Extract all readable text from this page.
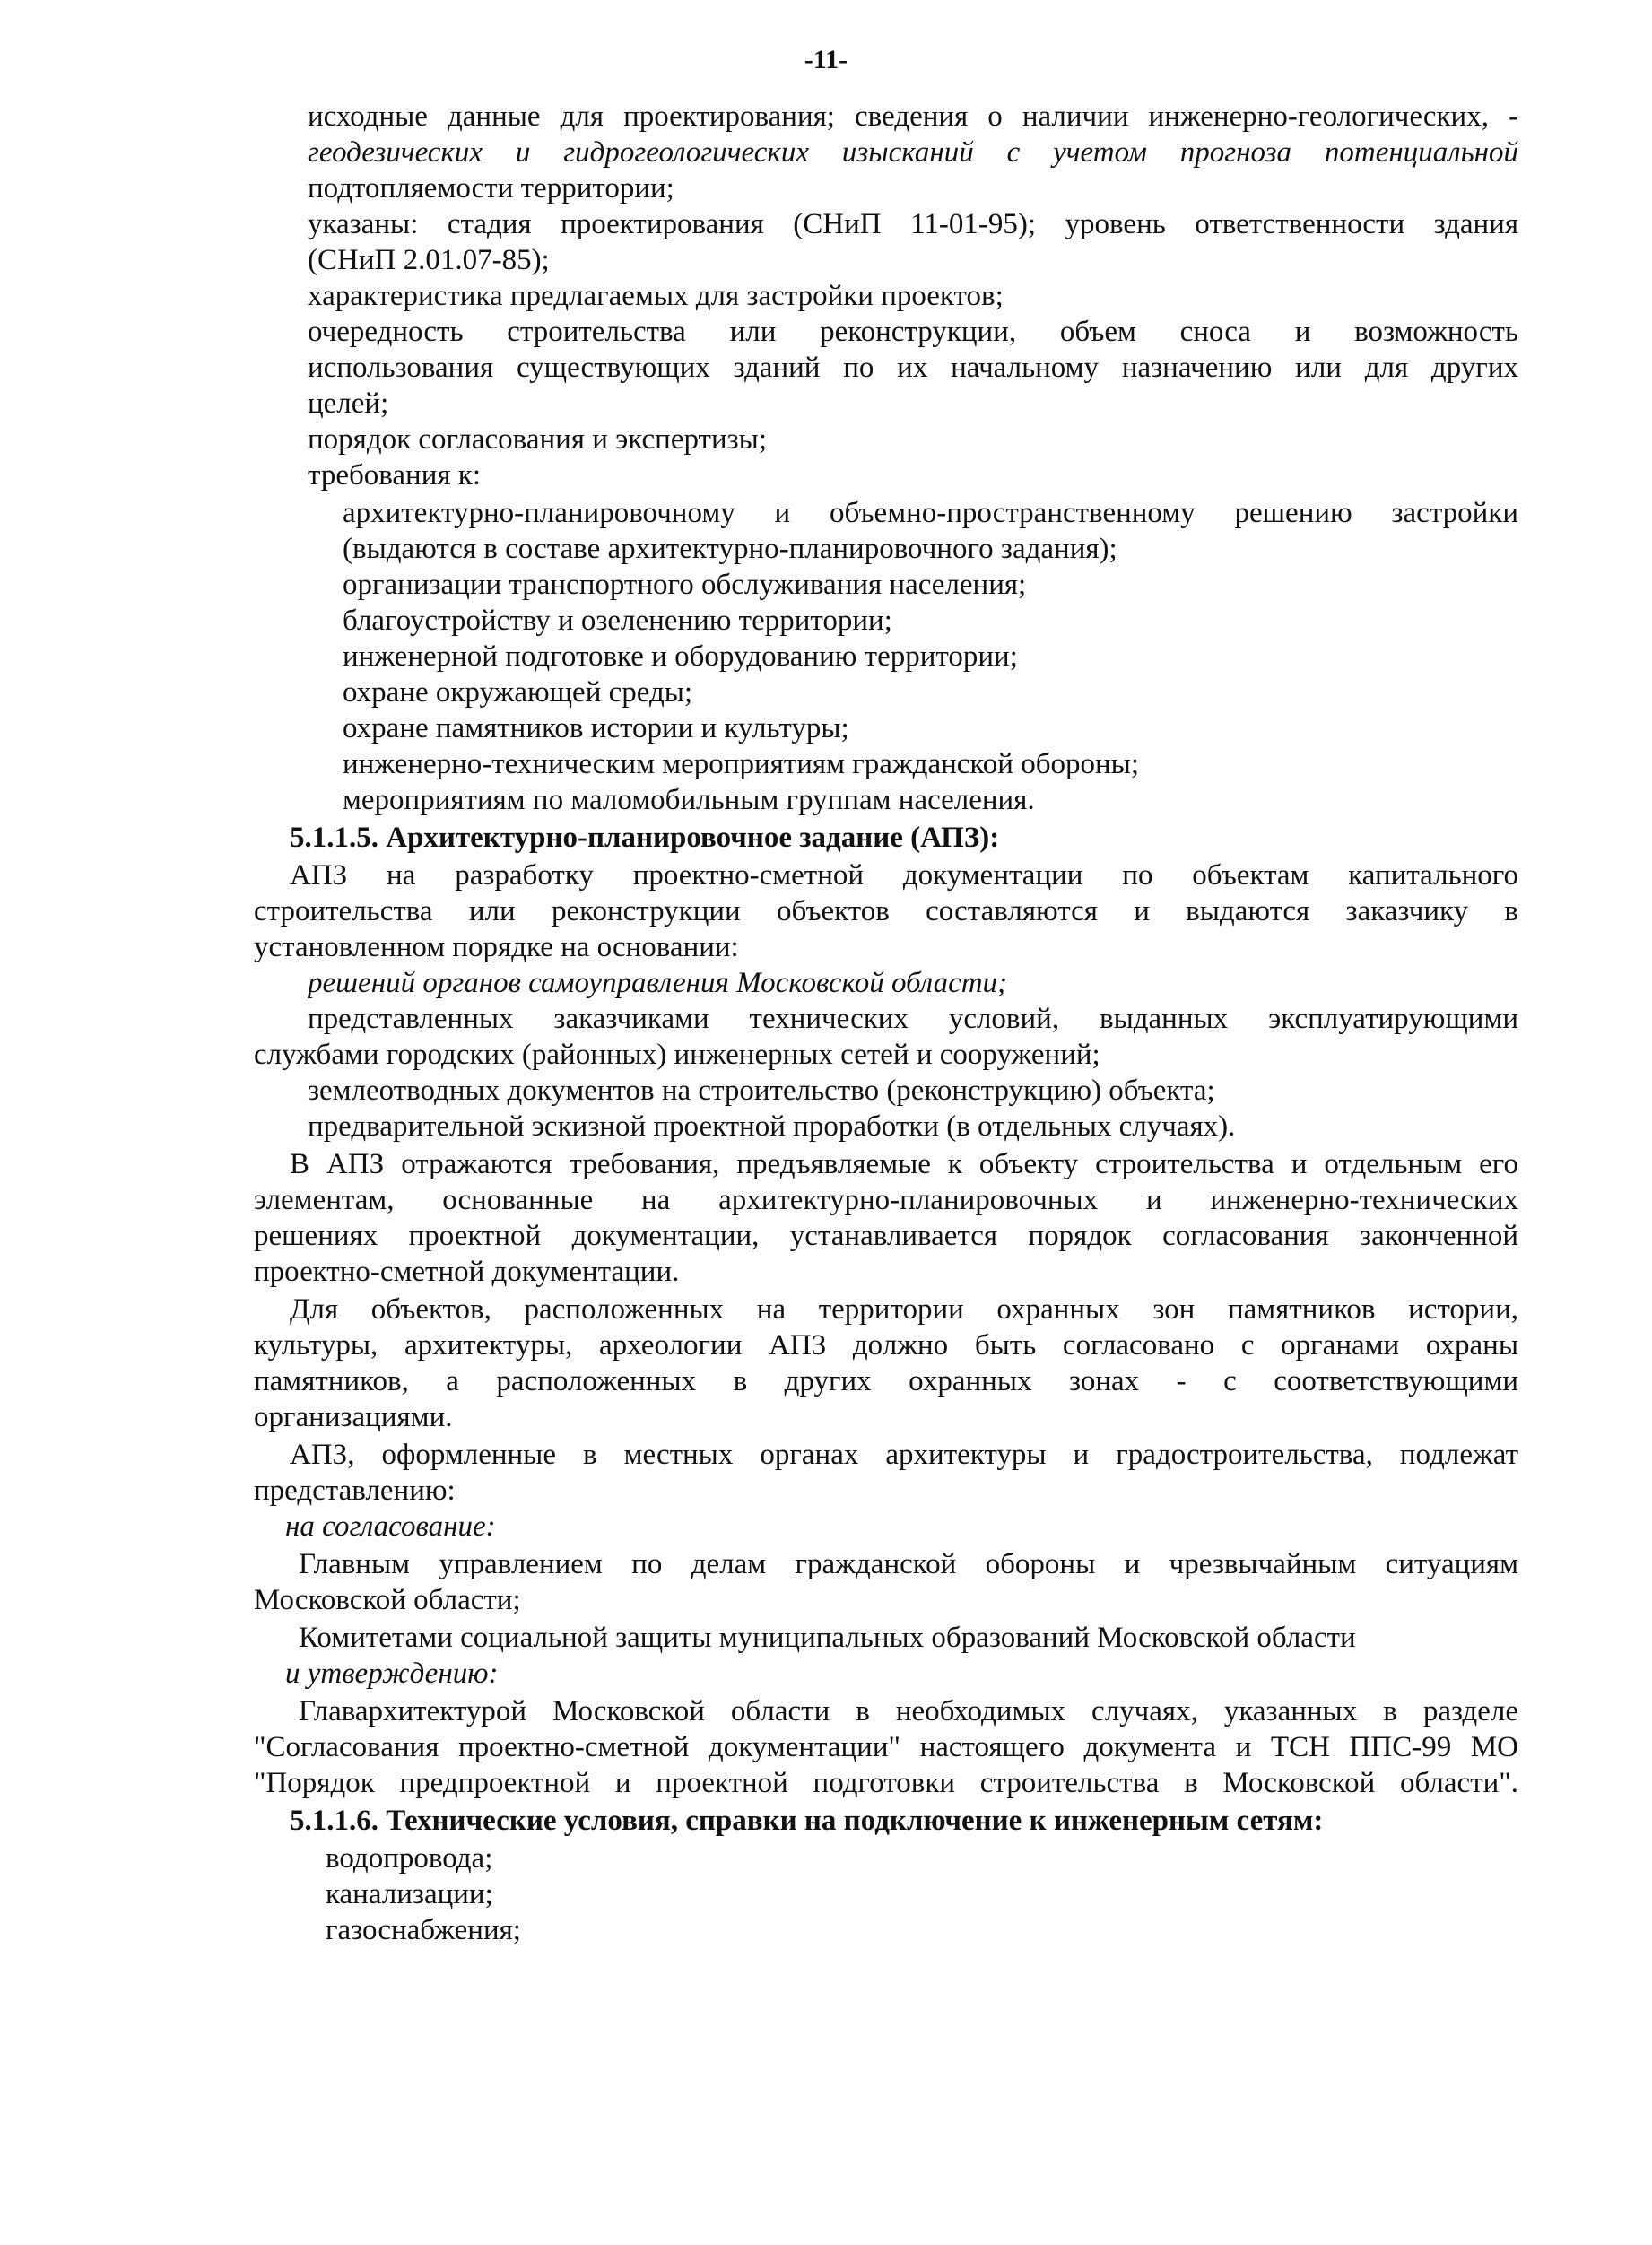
-11-
исходные данные для проектирования; сведения о наличии инженерно-геологических, -
геодезических и гидрогеологических изысканий с учетом прогноза потенциальной
подтопляемости территории;
указаны: стадия проектирования (СНиП 11-01-95); уровень ответственности здания
(СНиП 2.01.07-85);
характеристика предлагаемых для застройки проектов;
очередность строительства или реконструкции, объем сноса и возможность
использования существующих зданий по их начальному назначению или для других
целей;
порядок согласования и экспертизы;
требования к:
архитектурно-планировочному и объемно-пространственному решению застройки
(выдаются в составе архитектурно-планировочного задания);
организации транспортного обслуживания населения;
благоустройству и озеленению территории;
инженерной подготовке и оборудованию территории;
охране окружающей среды;
охране памятников истории и культуры;
инженерно-техническим мероприятиям гражданской обороны;
мероприятиям по маломобильным группам населения.
5.1.1.5. Архитектурно-планировочное задание (АПЗ):
АПЗ на разработку проектно-сметной документации по объектам капитального
строительства или реконструкции объектов составляются и выдаются заказчику в
установленном порядке на основании:
решений органов самоуправления Московской области;
представленных заказчиками технических условий, выданных эксплуатирующими
службами городских (районных) инженерных сетей и сооружений;
землеотводных документов на строительство (реконструкцию) объекта;
предварительной эскизной проектной проработки (в отдельных случаях).
В АПЗ отражаются требования, предъявляемые к объекту строительства и отдельным его
элементам, основанные на архитектурно-планировочных и инженерно-технических
решениях проектной документации, устанавливается порядок согласования законченной
проектно-сметной документации.
Для объектов, расположенных на территории охранных зон памятников истории,
культуры, архитектуры, археологии АПЗ должно быть согласовано с органами охраны
памятников, а расположенных в других охранных зонах - с соответствующими
организациями.
АПЗ, оформленные в местных органах архитектуры и градостроительства, подлежат
представлению:
на согласование:
Главным управлением по делам гражданской обороны и чрезвычайным ситуациям
Московской области;
Комитетами социальной защиты муниципальных образований Московской области
и утверждению:
Главархитектурой Московской области в необходимых случаях, указанных в разделе
"Согласования проектно-сметной документации" настоящего документа и ТСН ППС-99 МО
"Порядок предпроектной и проектной подготовки строительства в Московской области".
5.1.1.6. Технические условия, справки на подключение к инженерным сетям:
водопровода;
канализации;
газоснабжения;
